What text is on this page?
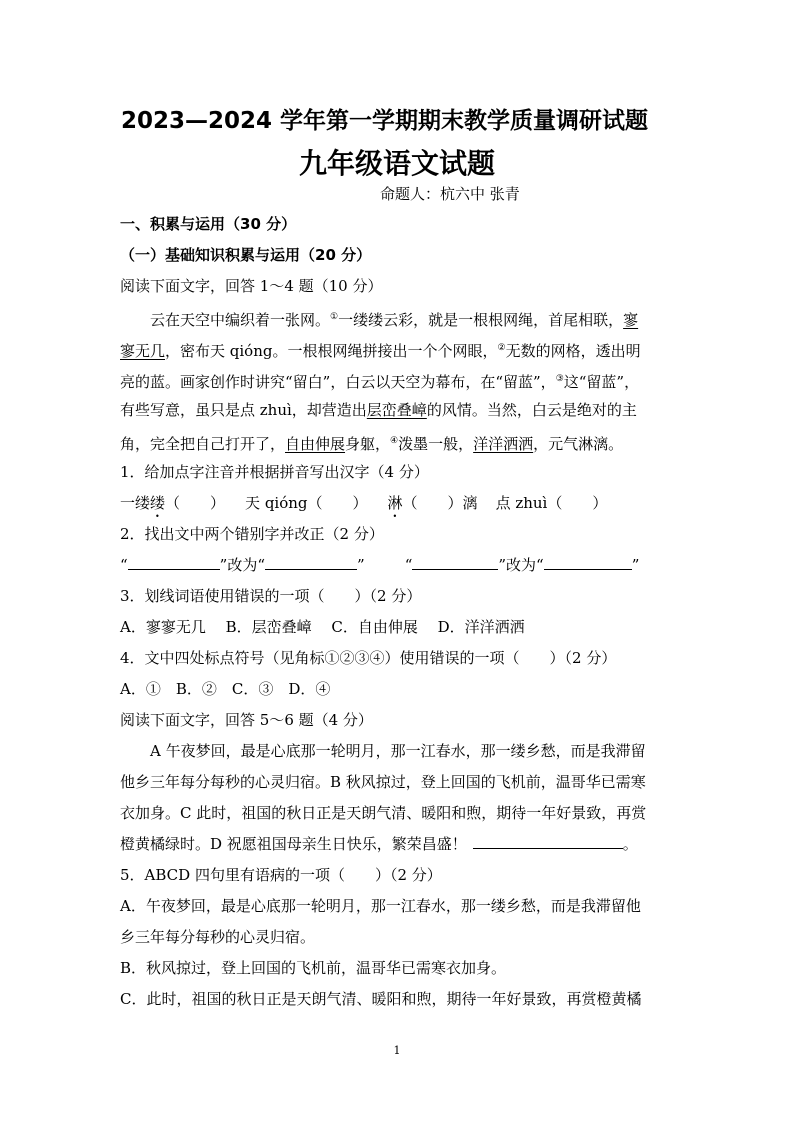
2023—2024 学年第一学期期末教学质量调研试题
九年级语文试题
命题人：杭六中 张青
一、积累与运用（30 分）
（一）基础知识积累与运用（20 分）
阅读下面文字，回答 1～4 题（10 分）
云在天空中编织着一张网。①一缕缕云彩，就是一根根网绳，首尾相联，寥
寥无几，密布天 qióng。一根根网绳拼接出一个个网眼，②无数的网格，透出明
亮的蓝。画家创作时讲究“留白”，白云以天空为幕布，在“留蓝”，③这“留蓝”，
有些写意，虽只是点 zhuì，却营造出层峦叠嶂的风情。当然，白云是绝对的主
角，完全把自己打开了，自由伸展身躯，④泼墨一般，洋洋洒洒，元气淋漓。
1．给加点字注音并根据拼音写出汉字（4 分）
一缕缕（　　） 天 qióng（　　） 淋（　　）漓 点 zhuì（　　）
2．找出文中两个错别字并改正（2 分）
“	”改为“	”	“	”改为“	”
3．划线词语使用错误的一项（　　）（2 分）
A．寥寥无几　 B．层峦叠嶂　 C．自由伸展　 D．洋洋洒洒
4．文中四处标点符号（见角标①②③④）使用错误的一项（　　）（2 分）
A．①　B．②　C．③　D．④
阅读下面文字，回答 5～6 题（4 分）
A 午夜梦回，最是心底那一轮明月，那一江春水，那一缕乡愁，而是我滞留
他乡三年每分每秒的心灵归宿。B 秋风掠过，登上回国的飞机前，温哥华已需寒
衣加身。C 此时，祖国的秋日正是天朗气清、暖阳和煦，期待一年好景致，再赏
橙黄橘绿时。D 祝愿祖国母亲生日快乐，繁荣昌盛！	。
5．ABCD 四句里有语病的一项（　　）（2 分）
A．午夜梦回，最是心底那一轮明月，那一江春水，那一缕乡愁，而是我滞留他
乡三年每分每秒的心灵归宿。
B．秋风掠过，登上回国的飞机前，温哥华已需寒衣加身。
C．此时，祖国的秋日正是天朗气清、暖阳和煦，期待一年好景致，再赏橙黄橘
1
